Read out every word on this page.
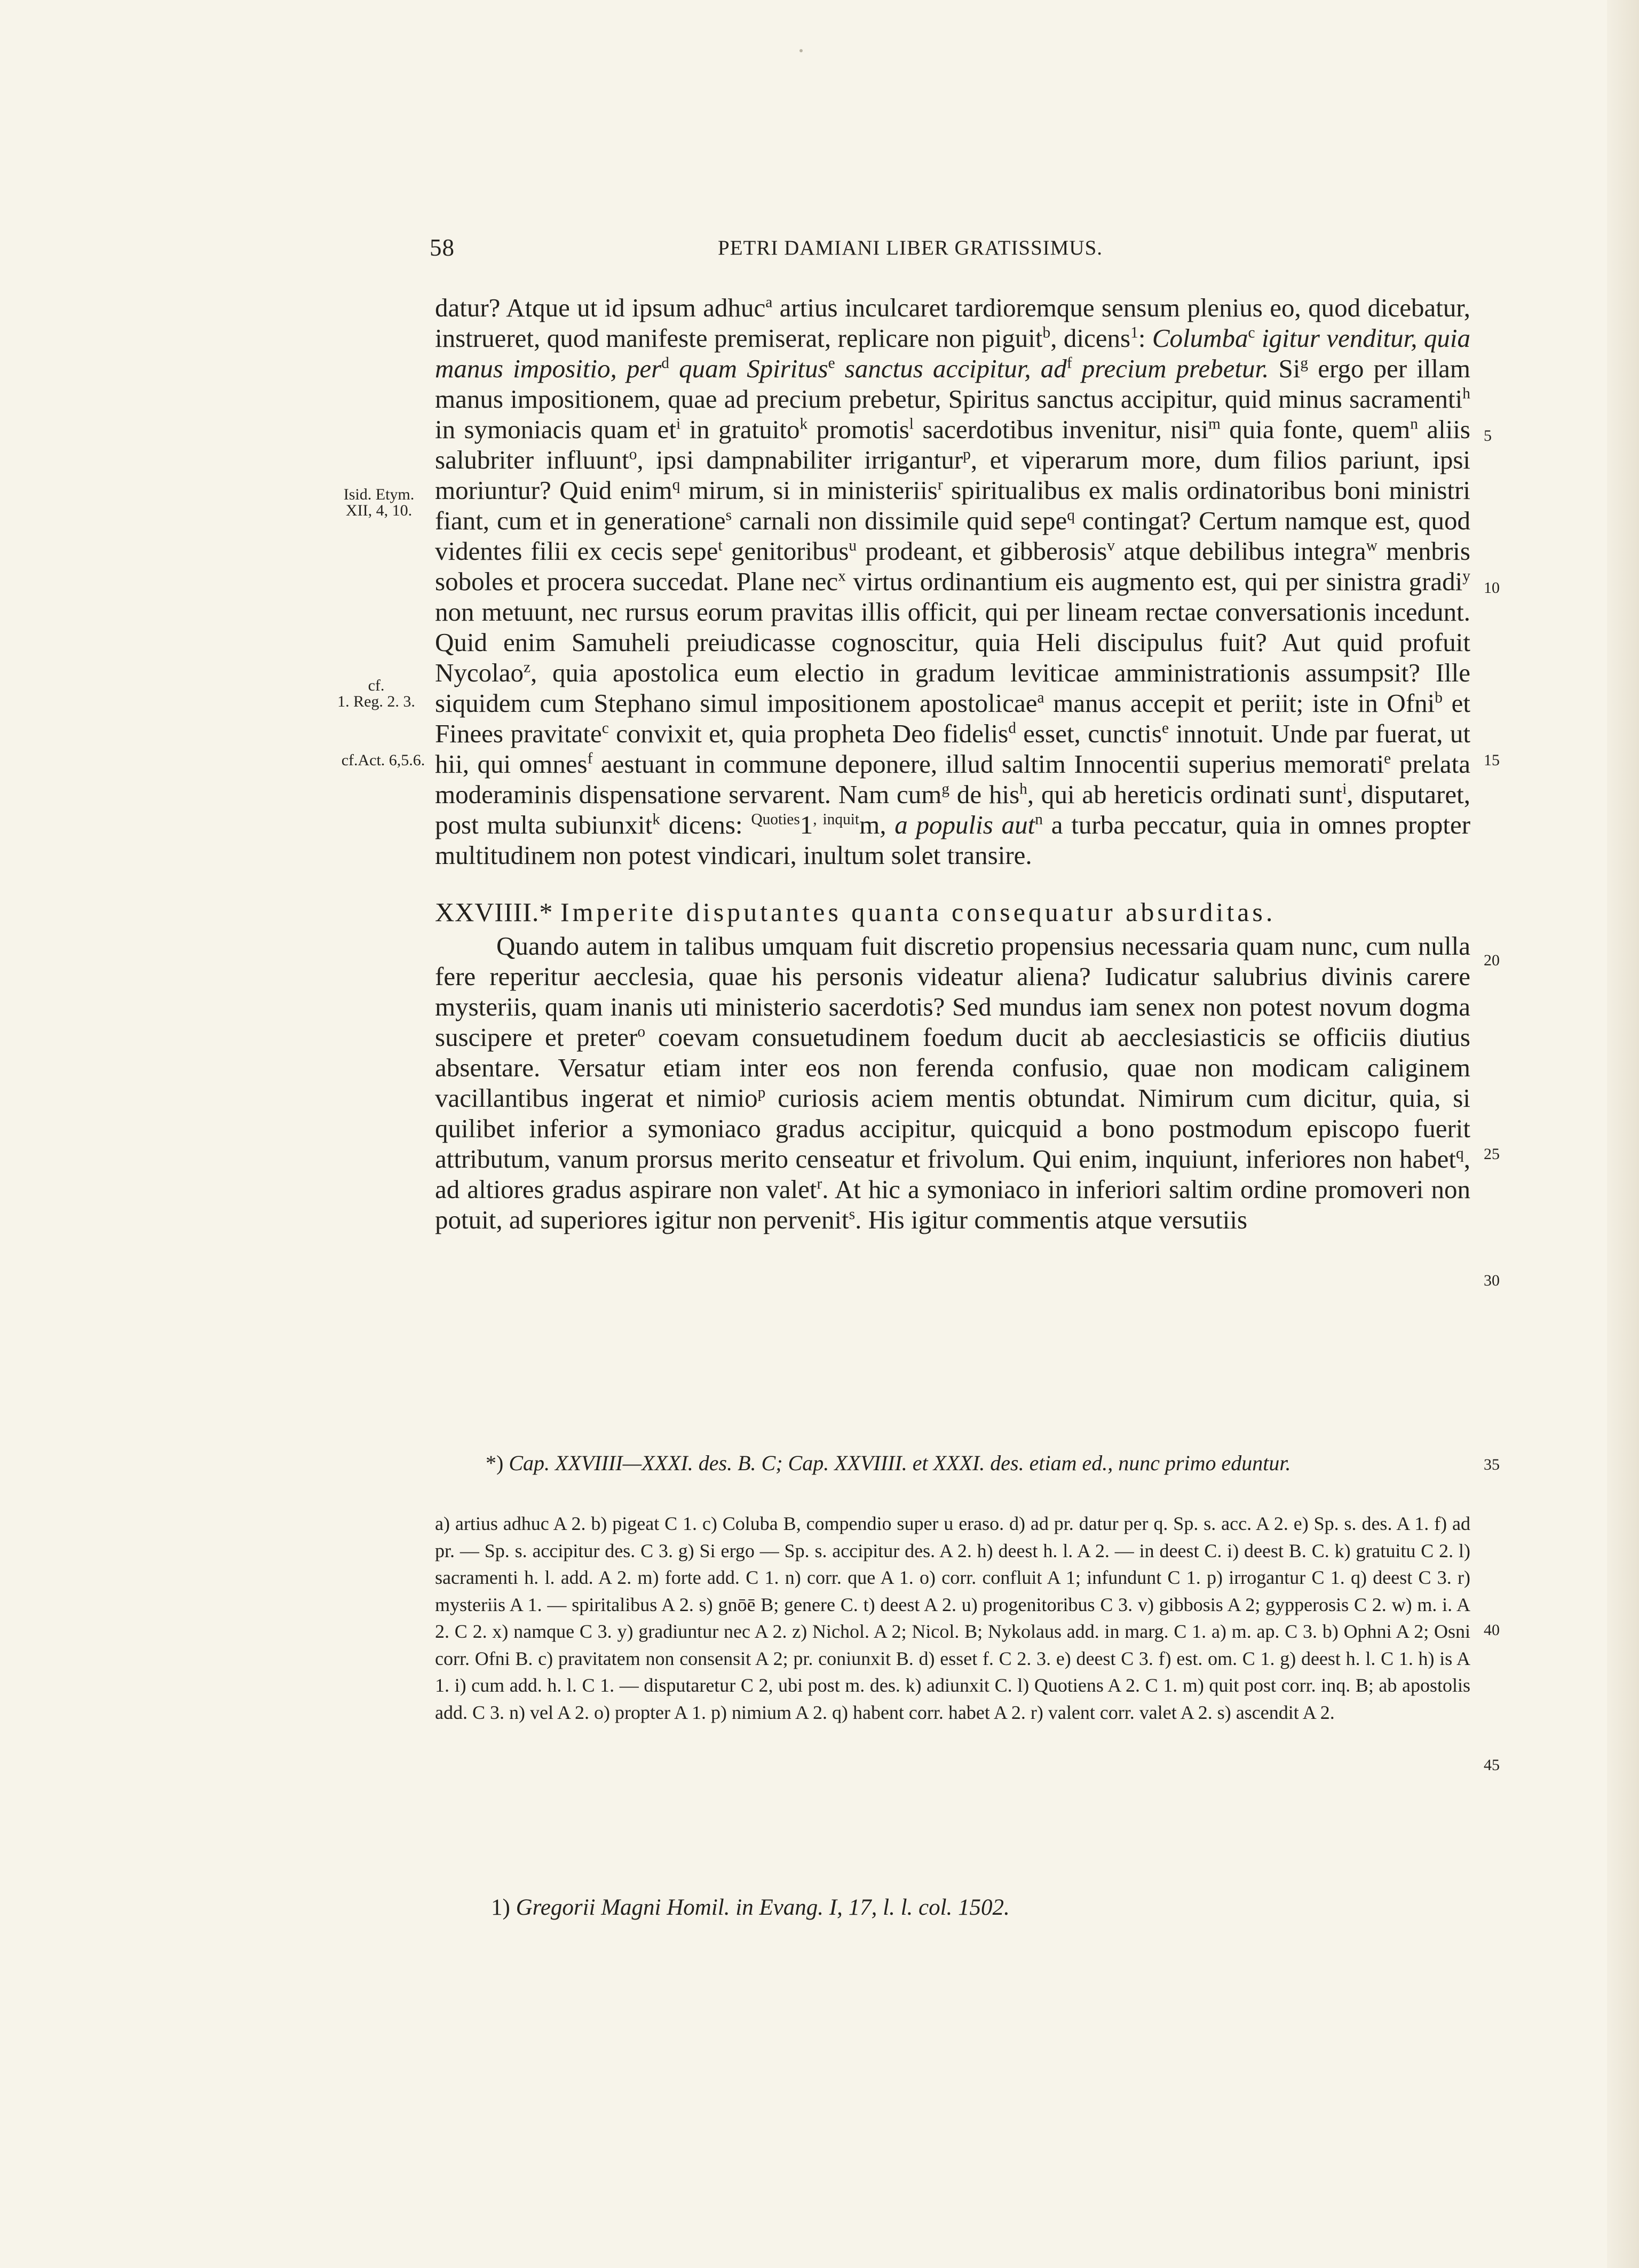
58	PETRI DAMIANI LIBER GRATISSIMUS.
Isid. Etym.
XII, 4, 10.
cf.
1. Reg. 2. 3.
cf.Act. 6,5.6.
5
10
15
20
25
30
35
40
45

datur? Atque ut id ipsum adhuc$^a$ artius inculcaret tardioremque sensum plenius eo, quod dicebatur, instrueret, quod manifeste premiserat, replicare non piguit$^b$, dicens$^1$: Columba$^c$ igitur venditur, quia manus impositio, per$^d$ quam Spiritus$^e$ sanctus accipitur, $ad^f$ precium prebetur. Si$^g$ ergo per illam manus impositionem, quae ad precium prebetur, Spiritus sanctus accipitur, quid minus sacramenti$^h$ in symoniacis quam $et^i$ in gratuito$^k$ promotis$^l$ sacerdotibus invenitur, nisi$^m$ quia fonte, quem$^n$ aliis salubriter influunt$^o$, ipsi dampnabiliter irrigantur$^p$, et viperarum more, dum filios pariunt, ipsi moriuntur? Quid enim$^q$ mirum, si in ministeriis$^r$ spiritualibus ex malis ordinatoribus boni ministri fiant, cum et in generatione$^s$ carnali non dissimile quid sepe$^q$ contingat? Certum namque est, quod videntes filii ex cecis sepe$^t$ genitoribus$^u$ prodeant, et gibberosis$^v$ atque debilibus integra$^w$ menbris soboles et procera succedat. Plane nec$^x$ virtus ordinantium eis augmento est, qui per sinistra gradi$^y$ non metuunt, nec rursus eorum pravitas illis officit, qui per lineam rectae conversationis incedunt. Quid enim Samuheli preiudicasse cognoscitur, quia Heli discipulus fuit? Aut quid profuit Nycolao$^z$, quia apostolica eum electio in gradum leviticae amministrationis assumpsit? Ille siquidem cum Stephano simul impositionem apostolicae$^a$ manus accepit et periit; iste in Ofni$^b$ et Finees pravitate$^c$ convixit et, quia propheta Deo fidelis$^d$ esset, cunctis$^e$ innotuit. Unde par fuerat, ut hii, qui omnes$^f$ aestuant in commune deponere, illud saltim Innocentii superius memorati$^e$ prelata moderaminis dispensatione servarent. Nam cum$^g$ de his$^h$, qui ab hereticis ordinati sunt$^i$, disputaret, post multa subiunxit$^k$ dicens: $^{Quoties}1^{, inquit}m$, a populis aut$^n$ a turba peccatur, quia in omnes propter multitudinem non potest vindicari, inultum solet transire.

XXVIIII.* Imperite disputantes quanta consequatur absurditas.

Quando autem in talibus umquam fuit discretio propensius necessaria quam nunc, cum nulla fere reperitur aecclesia, quae his personis videatur aliena? Iudicatur salubrius divinis carere mysteriis, quam inanis uti ministerio sacerdotis? Sed mundus iam senex non potest novum dogma suscipere et preter$^o$ coevam consuetudinem foedum ducit ab aecclesiasticis se officiis diutius absentare. Versatur etiam inter eos non ferenda confusio, quae non modicam caliginem vacillantibus ingerat et nimio$^p$ curiosis aciem mentis obtundat. Nimirum cum dicitur, quia, si quilibet inferior a symoniaco gradus accipitur, quicquid a bono postmodum episcopo fuerit attributum, vanum prorsus merito censeatur et frivolum. Qui enim, inquiunt, inferiores non habet$^q$, ad altiores gradus aspirare non valet$^r$. At hic a symoniaco in inferiori saltim ordine promoveri non potuit, ad superiores igitur non pervenit$^s$. His igitur commentis atque versutiis

*) Cap. XXVIIII—XXXI. des. B. C; Cap. XXVIIII. et XXXI. des. etiam ed., nunc primo eduntur.

a) artius adhuc A 2. b) pigeat C 1. c) Coluba B, compendio super u eraso. d) ad pr. datur per q. Sp. s. acc. A 2. e) Sp. s. des. A 1. f) ad pr. — Sp. s. accipitur des. C 3. g) Si ergo — Sp. s. accipitur des. A 2. h) deest h. l. A 2. — in deest C. i) deest B. C. k) gratuitu C 2. l) sacramenti h. l. add. A 2. m) forte add. C 1. n) corr. que A 1. o) corr. confluit A 1; infundunt C 1. p) irrogantur C 1. q) deest C 3. r) mysteriis A 1. — spiritalibus A 2. s) gnōē B; genere C. t) deest A 2. u) progenitoribus C 3. v) gibbosis A 2; gypperosis C 2. w) m. i. A 2. C 2. x) namque C 3. y) gradiuntur nec A 2. z) Nichol. A 2; Nicol. B; Nykolaus add. in marg. C 1. a) m. ap. C 3. b) Ophni A 2; Osni corr. Ofni B. c) pravitatem non consensit A 2; pr. coniunxit B. d) esset f. C 2. 3. e) deest C 3. f) est. om. C 1. g) deest h. l. C 1. h) is A 1. i) cum add. h. l. C 1. — disputaretur C 2, ubi post m. des. k) adiunxit C. l) Quotiens A 2. C 1. m) quit post corr. inq. B; ab apostolis add. C 3. n) vel A 2. o) propter A 1. p) nimium A 2. q) habent corr. habet A 2. r) valent corr. valet A 2. s) ascendit A 2.

1) Gregorii Magni Homil. in Evang. I, 17, l. l. col. 1502.
